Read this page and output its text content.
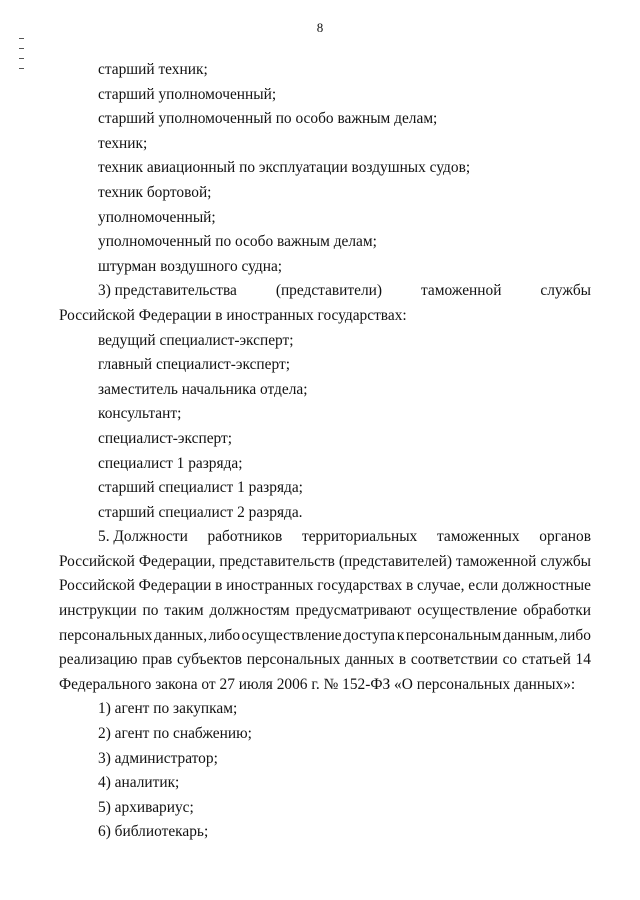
8
старший техник;
старший уполномоченный;
старший уполномоченный по особо важным делам;
техник;
техник авиационный по эксплуатации воздушных судов;
техник бортовой;
уполномоченный;
уполномоченный по особо важным делам;
штурман воздушного судна;
3) представительства	(представители)	таможенной	службы
Российской Федерации в иностранных государствах:
ведущий специалист-эксперт;
главный специалист-эксперт;
заместитель начальника отдела;
консультант;
специалист-эксперт;
специалист 1 разряда;
старший специалист 1 разряда;
старший специалист 2 разряда.
5. Должности работников территориальных таможенных органов
Российской Федерации, представительств (представителей) таможенной службы
Российской Федерации в иностранных государствах в случае, если должностные
инструкции по таким должностям предусматривают осуществление обработки
персональных данных, либо осуществление доступа к персональным данным, либо
реализацию прав субъектов персональных данных в соответствии со статьей 14
Федерального закона от 27 июля 2006 г. № 152-ФЗ «О персональных данных»:
1) агент по закупкам;
2) агент по снабжению;
3) администратор;
4) аналитик;
5) архивариус;
6) библиотекарь;
